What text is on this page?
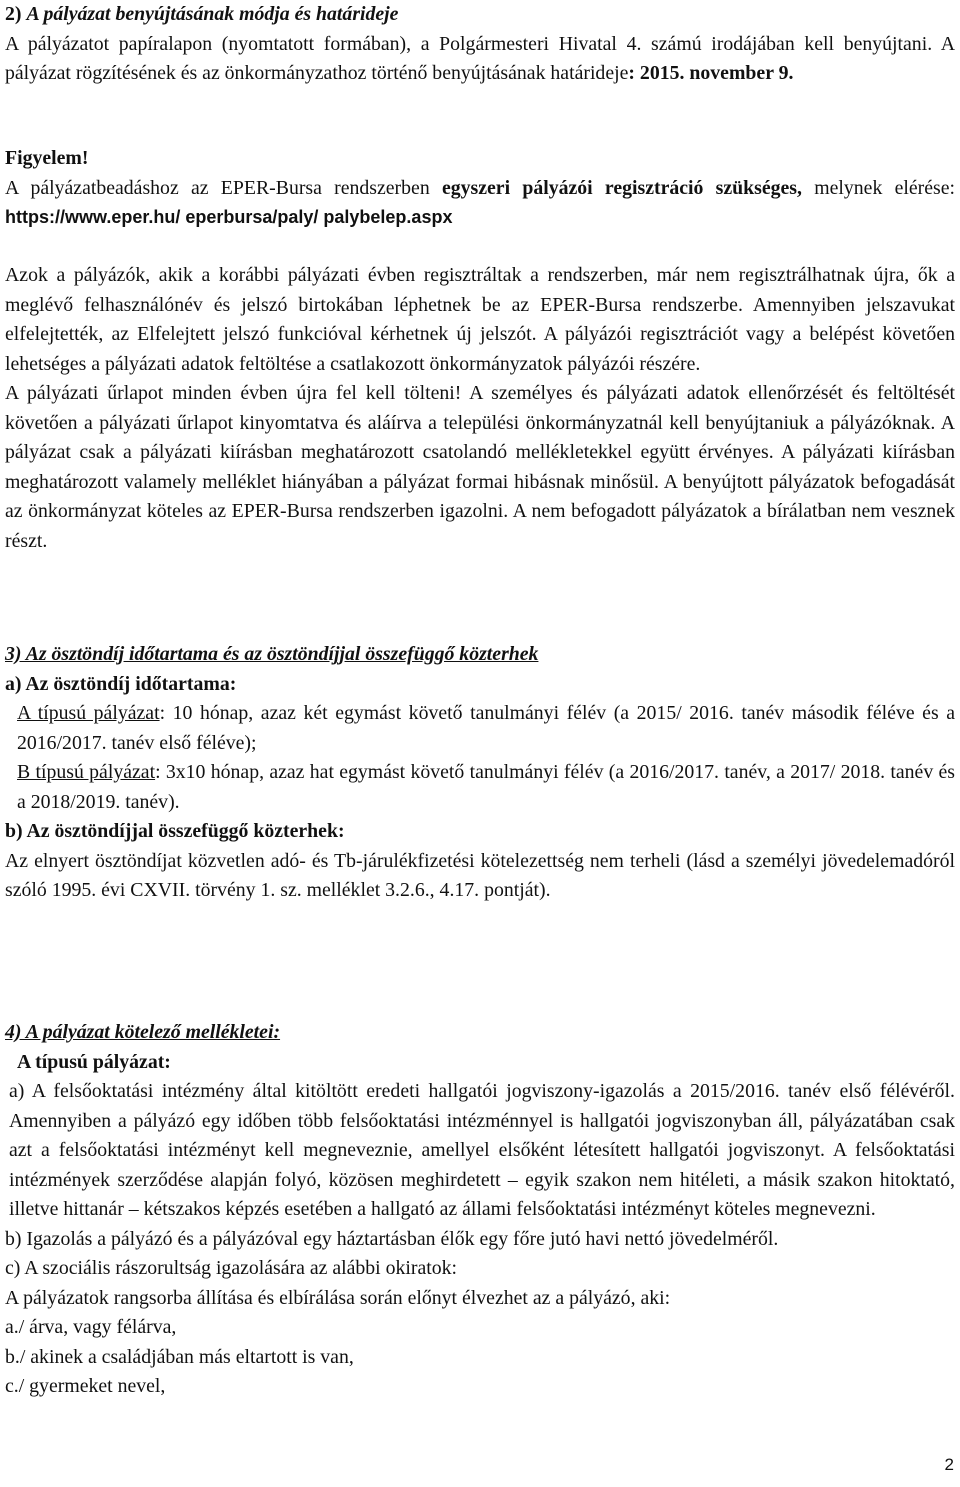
2) A pályázat benyújtásának módja és határideje

A pályázatot papíralapon (nyomtatott formában), a Polgármesteri Hivatal 4. számú irodájában kell benyújtani. A pályázat rögzítésének és az önkormányzathoz történő benyújtásának határideje: 2015. november 9.

Figyelem!

A pályázatbeadáshoz az EPER-Bursa rendszerben egyszeri pályázói regisztráció szükséges, melynek elérése: https://www.eper.hu/ eperbursa/paly/ palybelep.aspx

Azok a pályázók, akik a korábbi pályázati évben regisztráltak a rendszerben, már nem regisztrálhatnak újra, ők a meglévő felhasználónév és jelszó birtokában léphetnek be az EPER-Bursa rendszerbe. Amennyiben jelszavukat elfelejtették, az Elfelejtett jelszó funkcióval kérhetnek új jelszót. A pályázói regisztrációt vagy a belépést követően lehetséges a pályázati adatok feltöltése a csatlakozott önkormányzatok pályázói részére.

A pályázati űrlapot minden évben újra fel kell tölteni! A személyes és pályázati adatok ellenőrzését és feltöltését követően a pályázati űrlapot kinyomtatva és aláírva a települési önkormányzatnál kell benyújtaniuk a pályázóknak. A pályázat csak a pályázati kiírásban meghatározott csatolandó mellékletekkel együtt érvényes. A pályázati kiírásban meghatározott valamely melléklet hiányában a pályázat formai hibásnak minősül. A benyújtott pályázatok befogadását az önkormányzat köteles az EPER-Bursa rendszerben igazolni. A nem befogadott pályázatok a bírálatban nem vesznek részt.

3) Az ösztöndíj időtartama és az ösztöndíjjal összefüggő közterhek

a) Az ösztöndíj időtartama:

A típusú pályázat: 10 hónap, azaz két egymást követő tanulmányi félév (a 2015/ 2016. tanév második féléve és a 2016/2017. tanév első féléve);

B típusú pályázat: 3x10 hónap, azaz hat egymást követő tanulmányi félév (a 2016/2017. tanév, a 2017/ 2018. tanév és a 2018/2019. tanév).

b) Az ösztöndíjjal összefüggő közterhek:

Az elnyert ösztöndíjat közvetlen adó- és Tb-járulékfizetési kötelezettség nem terheli (lásd a személyi jövedelemadóról szóló 1995. évi CXVII. törvény 1. sz. melléklet 3.2.6., 4.17. pontját).

4) A pályázat kötelező mellékletei:

A típusú pályázat:

a) A felsőoktatási intézmény által kitöltött eredeti hallgatói jogviszony-igazolás a 2015/2016. tanév első félévéről. Amennyiben a pályázó egy időben több felsőoktatási intézménnyel is hallgatói jogviszonyban áll, pályázatában csak azt a felsőoktatási intézményt kell megneveznie, amellyel elsőként létesített hallgatói jogviszonyt. A felsőoktatási intézmények szerződése alapján folyó, közösen meghirdetett – egyik szakon nem hitéleti, a másik szakon hitoktató, illetve hittanár – kétszakos képzés esetében a hallgató az állami felsőoktatási intézményt köteles megnevezni.

b) Igazolás a pályázó és a pályázóval egy háztartásban élők egy főre jutó havi nettó jövedelméről.

c) A szociális rászorultság igazolására az alábbi okiratok:

A pályázatok rangsorba állítása és elbírálása során előnyt élvezhet az a pályázó, aki:

a./ árva, vagy félárva,

b./ akinek a családjában más eltartott is van,

c./ gyermeket nevel,

2
